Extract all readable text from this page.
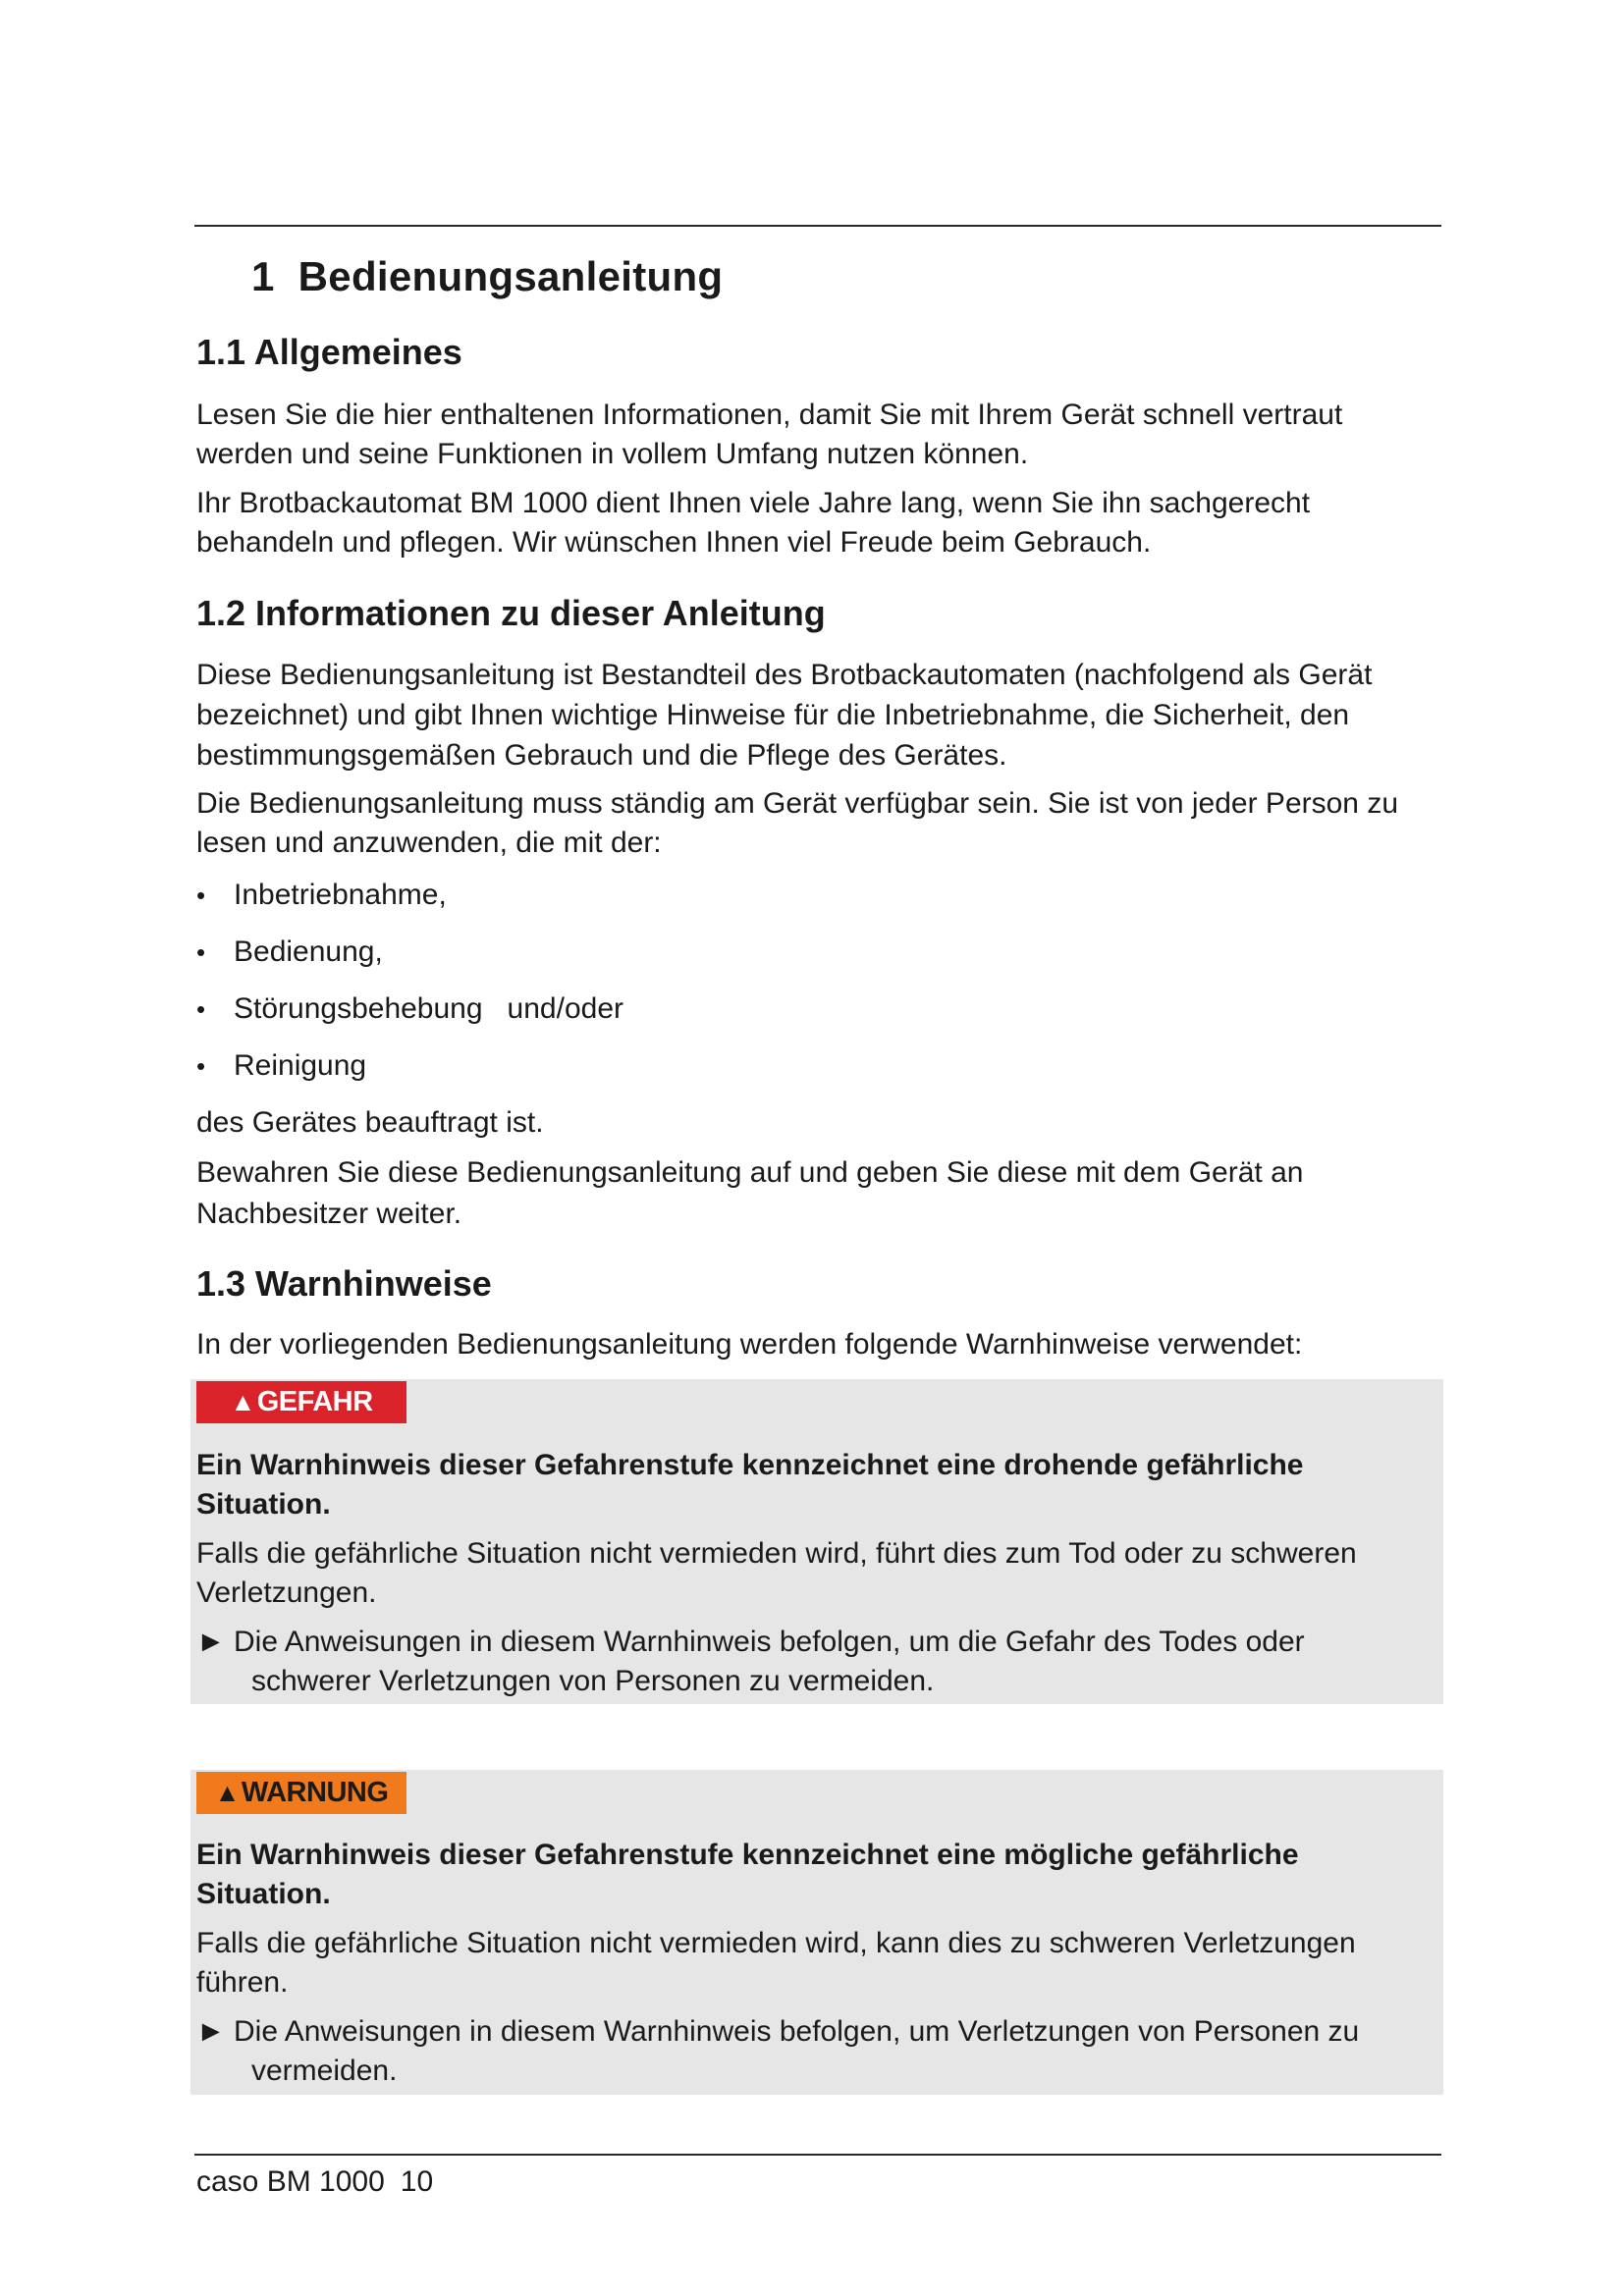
1 Bedienungsanleitung
1.1 Allgemeines

Lesen Sie die hier enthaltenen Informationen, damit Sie mit Ihrem Gerät schnell vertraut werden und seine Funktionen in vollem Umfang nutzen können.

Ihr Brotbackautomat BM 1000 dient Ihnen viele Jahre lang, wenn Sie ihn sachgerecht behandeln und pflegen. Wir wünschen Ihnen viel Freude beim Gebrauch.

1.2 Informationen zu dieser Anleitung

Diese Bedienungsanleitung ist Bestandteil des Brotbackautomaten (nachfolgend als Gerät bezeichnet) und gibt Ihnen wichtige Hinweise für die Inbetriebnahme, die Sicherheit, den bestimmungsgemäßen Gebrauch und die Pflege des Gerätes.

Die Bedienungsanleitung muss ständig am Gerät verfügbar sein. Sie ist von jeder Person zu lesen und anzuwenden, die mit der:

• Inbetriebnahme,
• Bedienung,
• Störungsbehebung   und/oder
• Reinigung

des Gerätes beauftragt ist.

Bewahren Sie diese Bedienungsanleitung auf und geben Sie diese mit dem Gerät an Nachbesitzer weiter.

1.3 Warnhinweise

In der vorliegenden Bedienungsanleitung werden folgende Warnhinweise verwendet:

▲ GEFAHR
Ein Warnhinweis dieser Gefahrenstufe kennzeichnet eine drohende gefährliche Situation.
Falls die gefährliche Situation nicht vermieden wird, führt dies zum Tod oder zu schweren Verletzungen.
► Die Anweisungen in diesem Warnhinweis befolgen, um die Gefahr des Todes oder schwerer Verletzungen von Personen zu vermeiden.
▲ WARNUNG
Ein Warnhinweis dieser Gefahrenstufe kennzeichnet eine mögliche gefährliche Situation.
Falls die gefährliche Situation nicht vermieden wird, kann dies zu schweren Verletzungen führen.
► Die Anweisungen in diesem Warnhinweis befolgen, um Verletzungen von Personen zu vermeiden.
caso BM 1000 10
